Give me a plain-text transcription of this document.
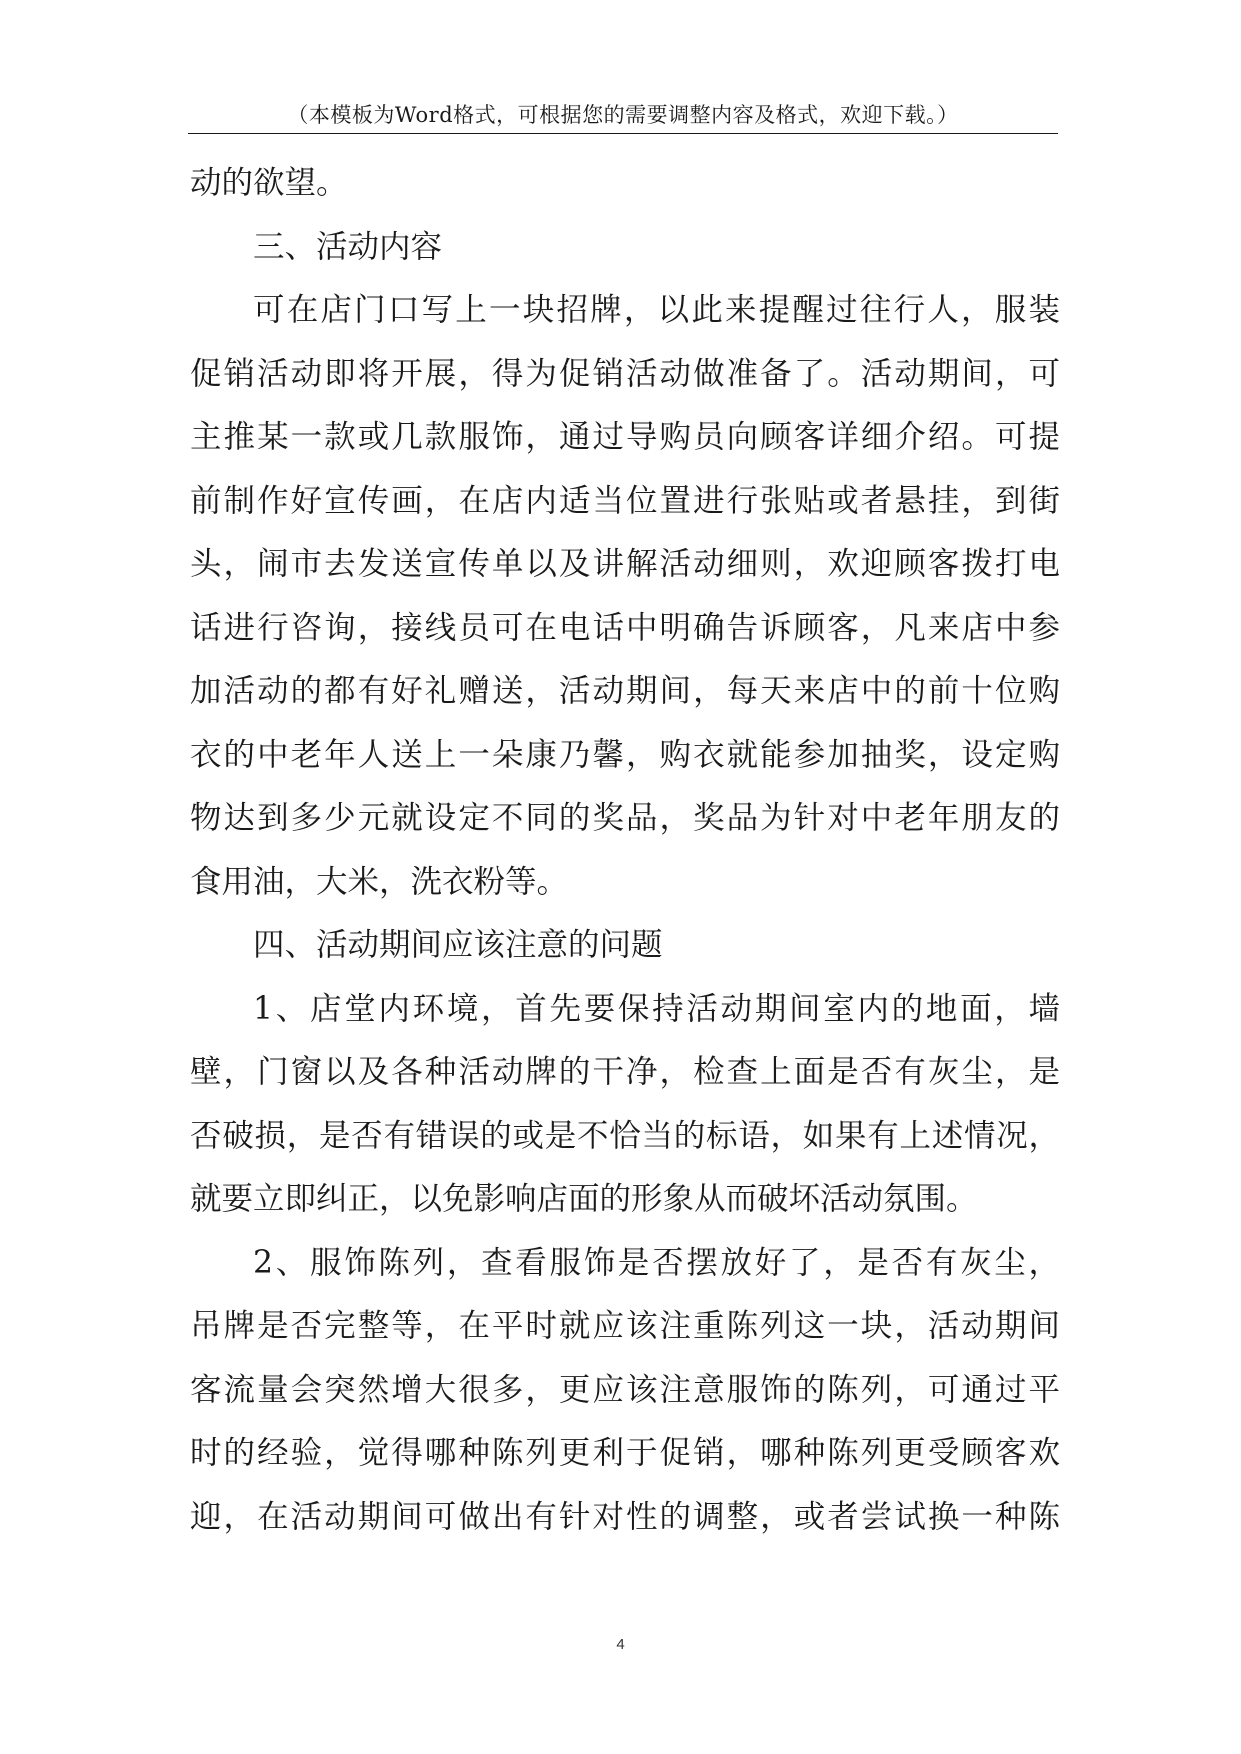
（本模板为Word格式，可根据您的需要调整内容及格式，欢迎下载。）
动的欲望。
三、活动内容
可在店门口写上一块招牌，以此来提醒过往行人，服装
促销活动即将开展，得为促销活动做准备了。活动期间，可
主推某一款或几款服饰，通过导购员向顾客详细介绍。可提
前制作好宣传画，在店内适当位置进行张贴或者悬挂，到街
头，闹市去发送宣传单以及讲解活动细则，欢迎顾客拨打电
话进行咨询，接线员可在电话中明确告诉顾客，凡来店中参
加活动的都有好礼赠送，活动期间，每天来店中的前十位购
衣的中老年人送上一朵康乃馨，购衣就能参加抽奖，设定购
物达到多少元就设定不同的奖品，奖品为针对中老年朋友的
食用油，大米，洗衣粉等。
四、活动期间应该注意的问题
1、店堂内环境，首先要保持活动期间室内的地面，墙
壁，门窗以及各种活动牌的干净，检查上面是否有灰尘，是
否破损，是否有错误的或是不恰当的标语，如果有上述情况，
就要立即纠正，以免影响店面的形象从而破坏活动氛围。
2、服饰陈列，查看服饰是否摆放好了，是否有灰尘，
吊牌是否完整等，在平时就应该注重陈列这一块，活动期间
客流量会突然增大很多，更应该注意服饰的陈列，可通过平
时的经验，觉得哪种陈列更利于促销，哪种陈列更受顾客欢
迎，在活动期间可做出有针对性的调整，或者尝试换一种陈
4
